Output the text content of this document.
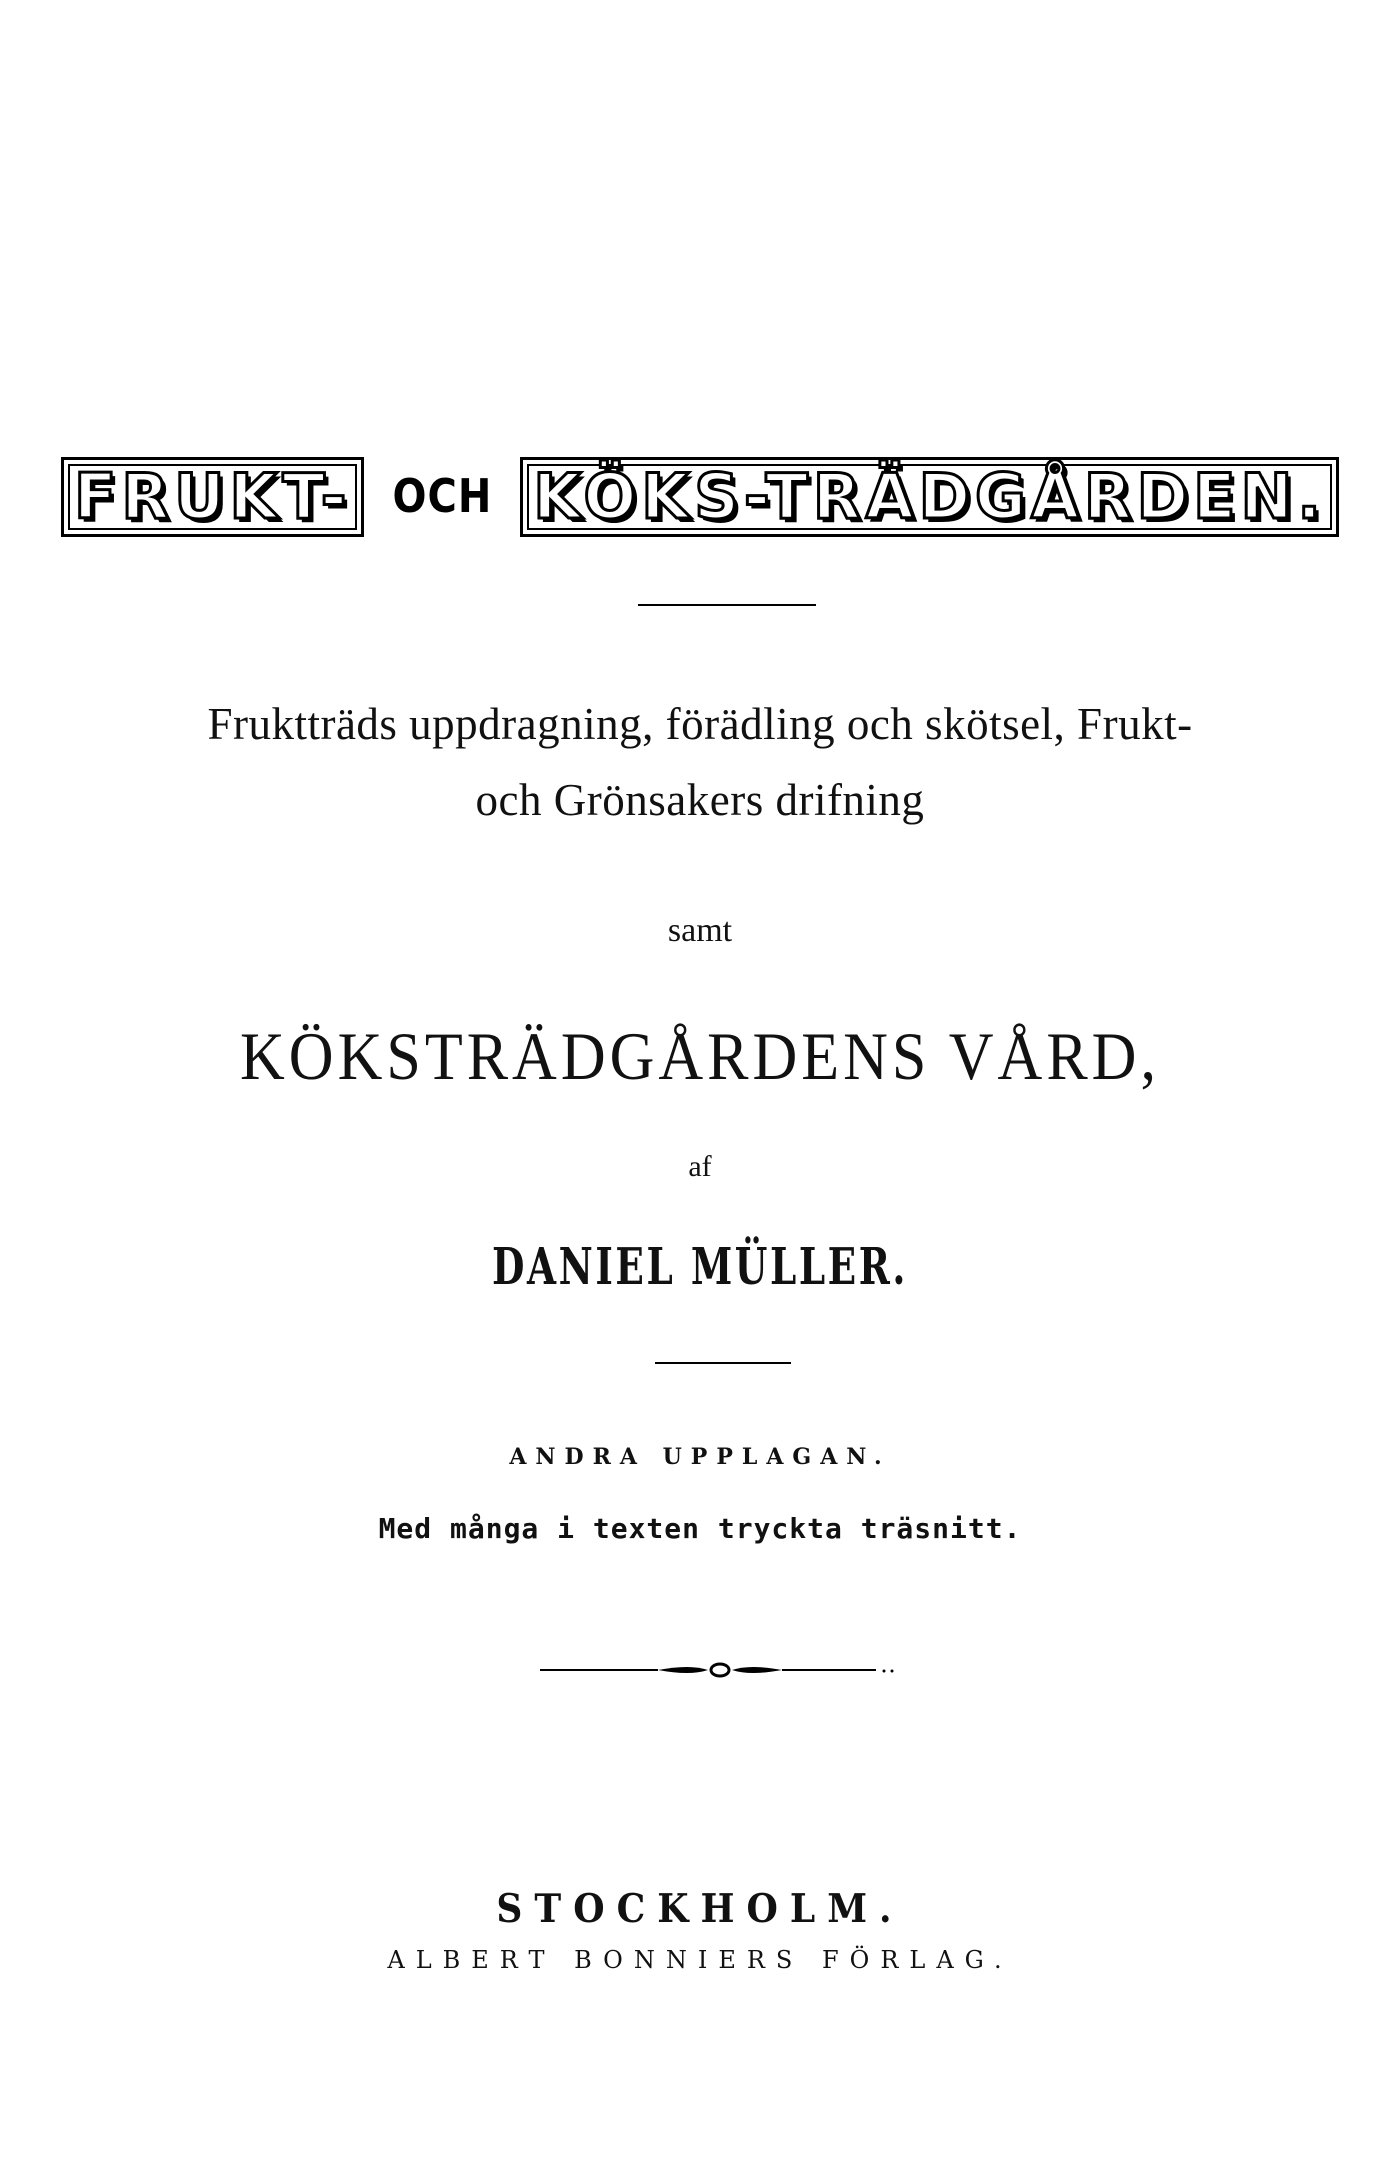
FRUKT-	OCH KÖKS-TRÄDGÅRDEN.
Fruktträds uppdragning, förädling och skötsel, Frukt-
och Grönsakers drifning
samt
KÖKSTRÄDGÅRDENS VÅRD,
af
DANIEL MÜLLER.
ANDRA UPPLAGAN.
Med många i texten tryckta träsnitt.
STOCKHOLM.
ALBERT BONNIERS FÖRLAG.
